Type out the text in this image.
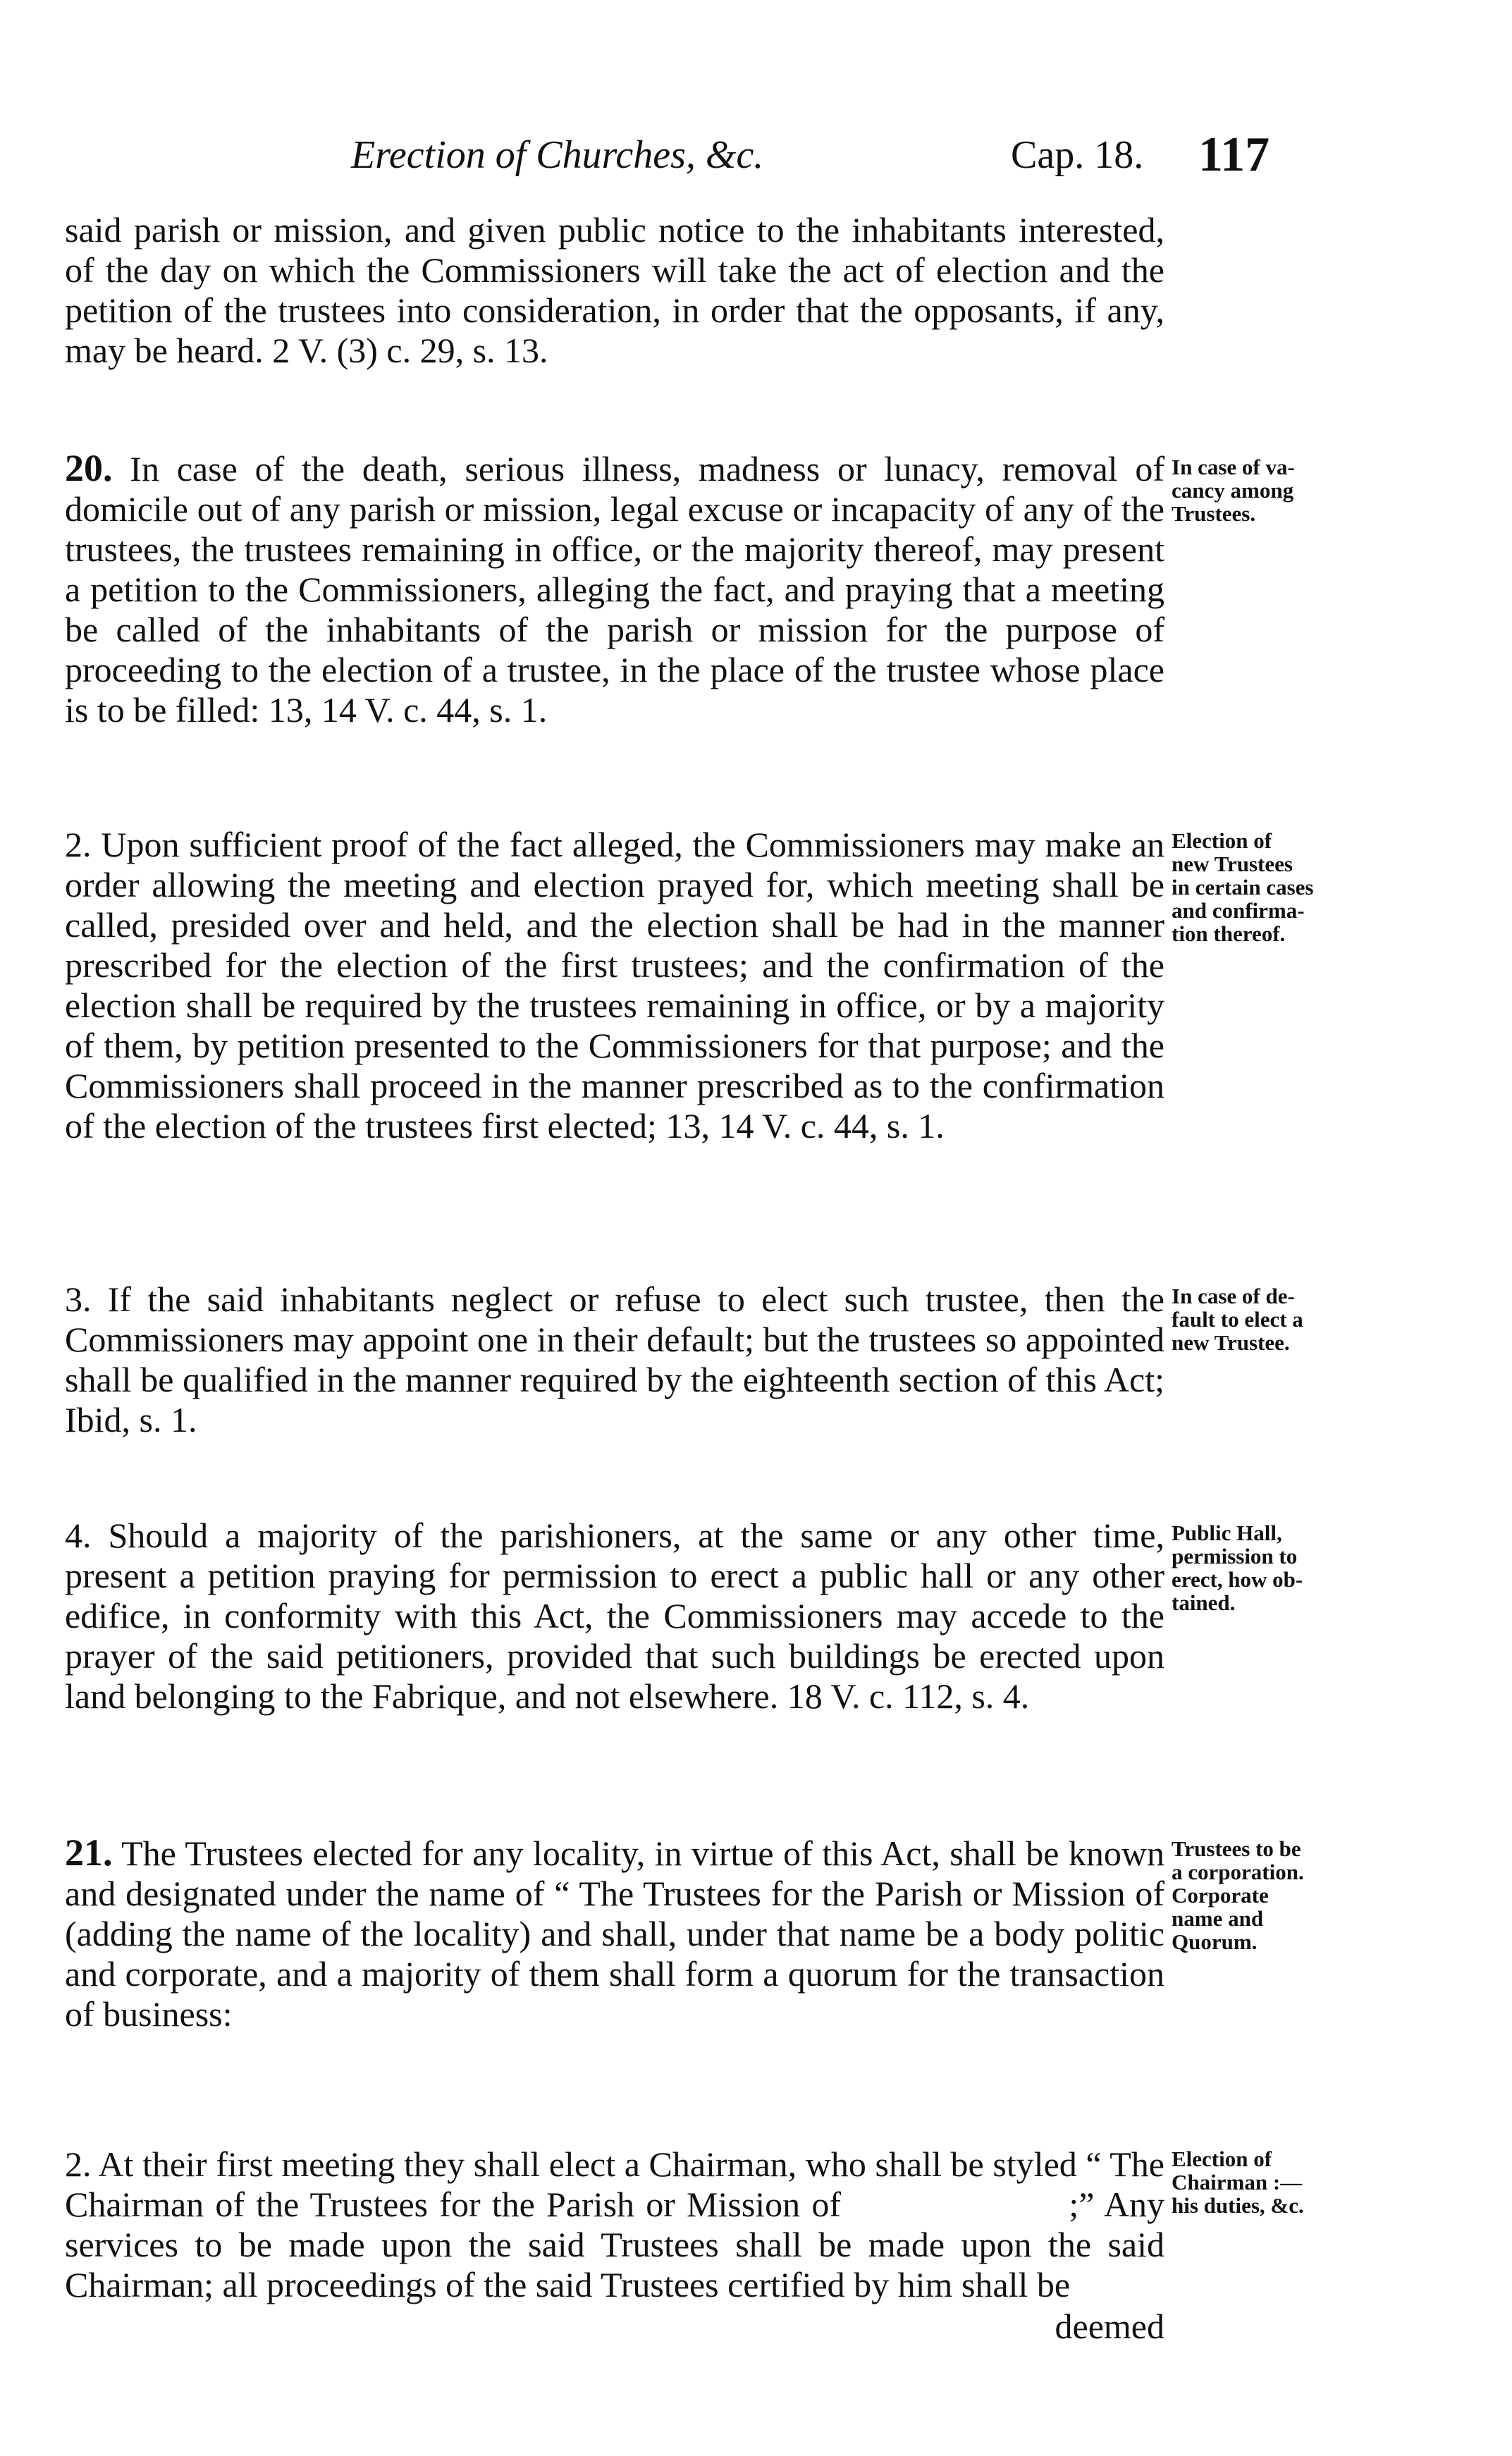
Erection of Churches, &c.	Cap. 18. 117

said parish or mission, and given public notice to the inhabitants interested, of the day on which the Commissioners will take the act of election and the petition of the trustees into consideration, in order that the opposants, if any, may be heard. 2 V. (3) c. 29, s. 13.

20. In case of the death, serious illness, madness or lunacy, removal of domicile out of any parish or mission, legal excuse or incapacity of any of the trustees, the trustees remaining in office, or the majority thereof, may present a petition to the Commissioners, alleging the fact, and praying that a meeting be called of the inhabitants of the parish or mission for the purpose of proceeding to the election of a trustee, in the place of the trustee whose place is to be filled: 13, 14 V. c. 44, s. 1.

2. Upon sufficient proof of the fact alleged, the Commissioners may make an order allowing the meeting and election prayed for, which meeting shall be called, presided over and held, and the election shall be had in the manner prescribed for the election of the first trustees; and the confirmation of the election shall be required by the trustees remaining in office, or by a majority of them, by petition presented to the Commissioners for that purpose; and the Commissioners shall proceed in the manner prescribed as to the confirmation of the election of the trustees first elected; 13, 14 V. c. 44, s. 1.

3. If the said inhabitants neglect or refuse to elect such trustee, then the Commissioners may appoint one in their default; but the trustees so appointed shall be qualified in the manner required by the eighteenth section of this Act; Ibid, s. 1.

4. Should a majority of the parishioners, at the same or any other time, present a petition praying for permission to erect a public hall or any other edifice, in conformity with this Act, the Commissioners may accede to the prayer of the said petitioners, provided that such buildings be erected upon land belonging to the Fabrique, and not elsewhere. 18 V. c. 112, s. 4.

21. The Trustees elected for any locality, in virtue of this Act, shall be known and designated under the name of “ The Trustees for the Parish or Mission of (adding the name of the locality) and shall, under that name be a body politic and corporate, and a majority of them shall form a quorum for the transaction of business:

2. At their first meeting they shall elect a Chairman, who shall be styled “ The Chairman of the Trustees for the Parish or Mission of                    ;” Any services to be made upon the said Trustees shall be made upon the said Chairman; all proceedings of the said Trustees certified by him shall be

deemed

In case of va-
cancy among
Trustees.
Election of
new Trustees
in certain cases
and confirma-
tion thereof.
In case of de-
fault to elect a
new Trustee.
Public Hall,
permission to
erect, how ob-
tained.
Trustees to be
a corporation.
Corporate
name and
Quorum.
Election of
Chairman :—
his duties, &c.
